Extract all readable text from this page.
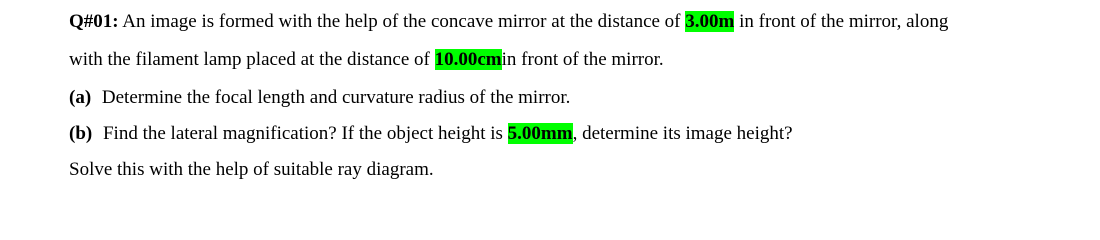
Q#01: An image is formed with the help of the concave mirror at the distance of 3.00m in front of the mirror, along
with the filament lamp placed at the distance of 10.00cmin front of the mirror.
(a) Determine the focal length and curvature radius of the mirror.
(b) Find the lateral magnification? If the object height is 5.00mm, determine its image height?
Solve this with the help of suitable ray diagram.
